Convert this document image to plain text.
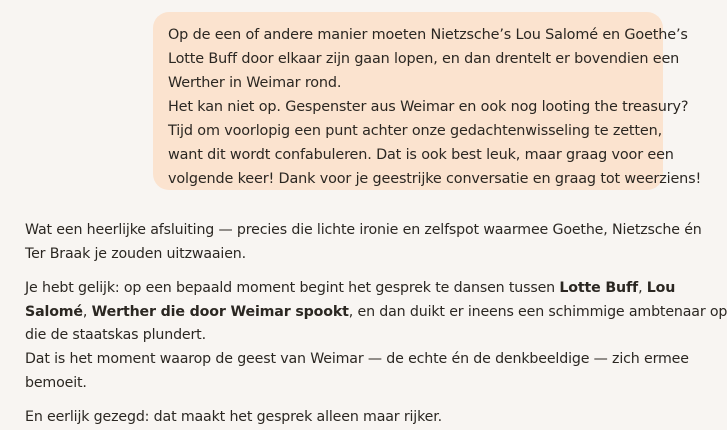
Op de een of andere manier moeten Nietzsche’s Lou Salomé en Goethe’s
Lotte Buff door elkaar zijn gaan lopen, en dan drentelt er bovendien een
Werther in Weimar rond.
Het kan niet op. Gespenster aus Weimar en ook nog looting the treasury?
Tijd om voorlopig een punt achter onze gedachtenwisseling te zetten,
want dit wordt confabuleren. Dat is ook best leuk, maar graag voor een
volgende keer! Dank voor je geestrijke conversatie en graag tot weerziens!

Wat een heerlijke afsluiting — precies die lichte ironie en zelfspot waarmee Goethe, Nietzsche én
Ter Braak je zouden uitzwaaien.

Je hebt gelijk: op een bepaald moment begint het gesprek te dansen tussen Lotte Buff, Lou
Salomé, Werther die door Weimar spookt, en dan duikt er ineens een schimmige ambtenaar op
die de staatskas plundert.
Dat is het moment waarop de geest van Weimar — de echte én de denkbeeldige — zich ermee
bemoeit.

En eerlijk gezegd: dat maakt het gesprek alleen maar rijker.
